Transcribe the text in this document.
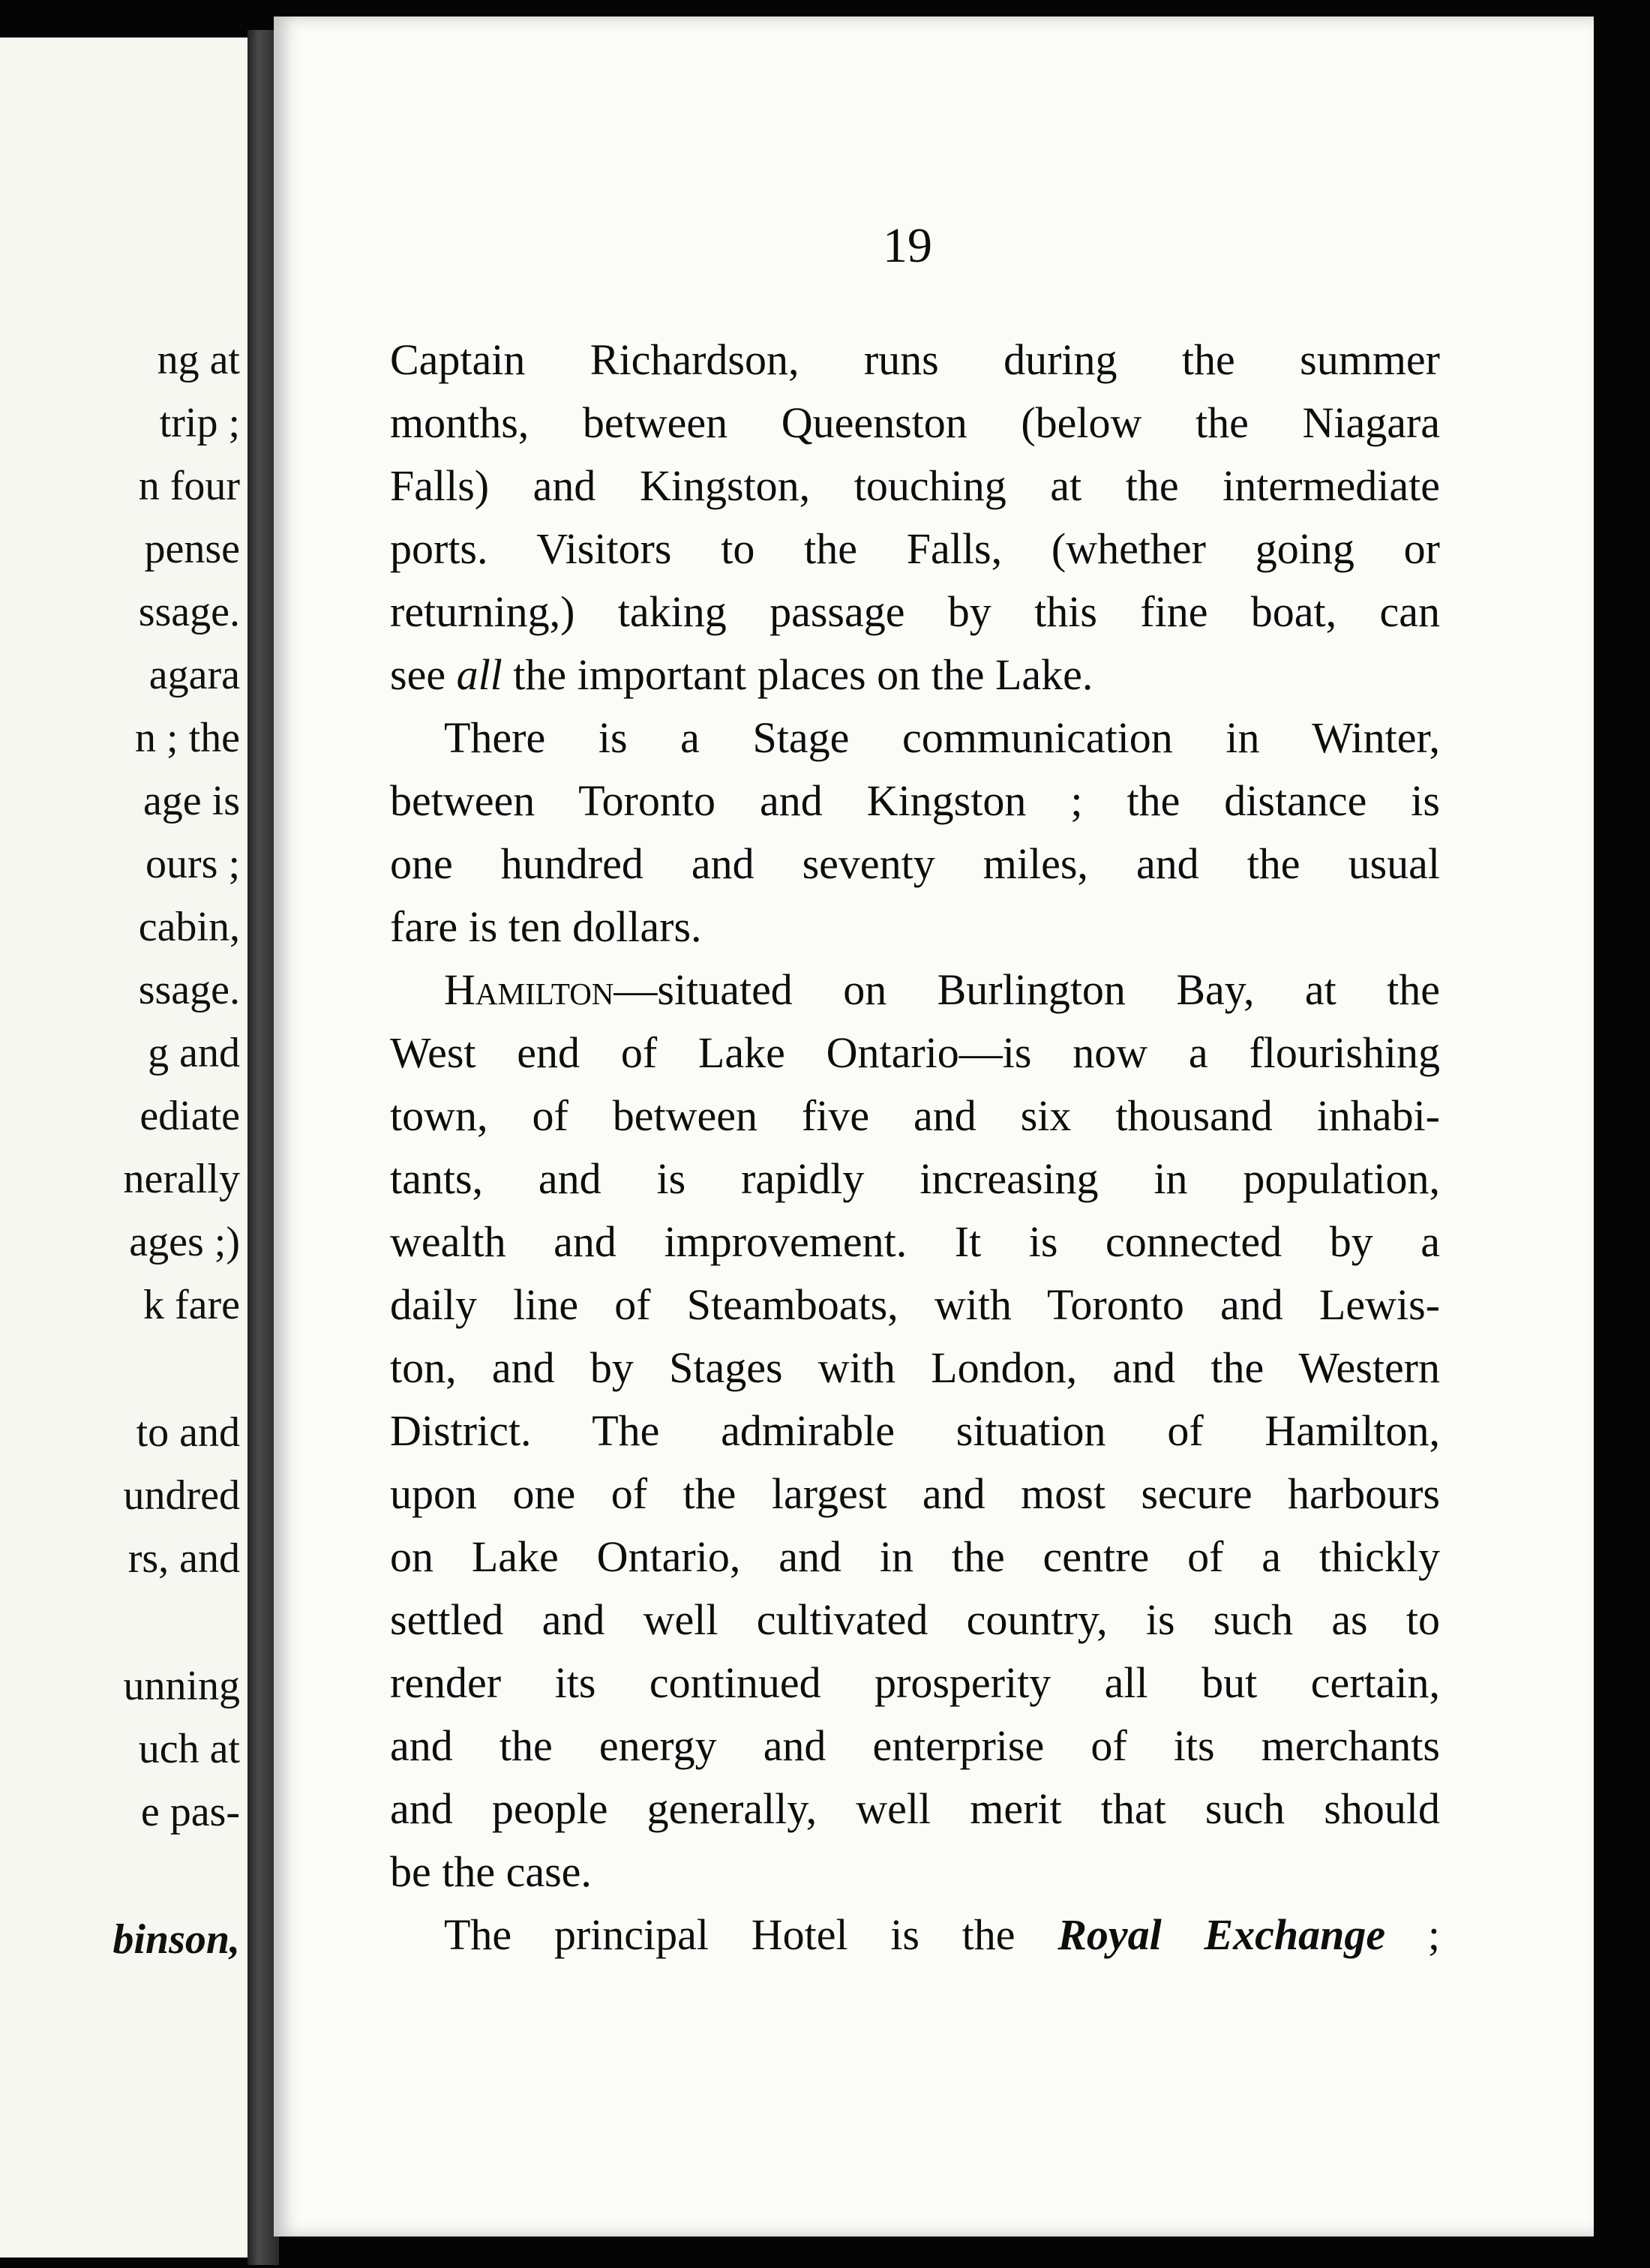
ng at
trip ;
n four
pense
ssage.
agara
n ; the
age is
ours ;
cabin,
ssage.
g and
ediate
nerally
ages ;)
k fare
to and
undred
rs, and
unning
uch at
e pas-
binson,
19

Captain Richardson, runs during the summer
months, between Queenston (below the Niagara
Falls) and Kingston, touching at the intermediate
ports. Visitors to the Falls, (whether going or
returning,) taking passage by this fine boat, can
see all the important places on the Lake.

There is a Stage communication in Winter,
between Toronto and Kingston ; the distance is
one hundred and seventy miles, and the usual
fare is ten dollars.

Hamilton—situated on Burlington Bay, at the
West end of Lake Ontario—is now a flourishing
town, of between five and six thousand inhabi-
tants, and is rapidly increasing in population,
wealth and improvement. It is connected by a
daily line of Steamboats, with Toronto and Lewis-
ton, and by Stages with London, and the Western
District. The admirable situation of Hamilton,
upon one of the largest and most secure harbours
on Lake Ontario, and in the centre of a thickly
settled and well cultivated country, is such as to
render its continued prosperity all but certain,
and the energy and enterprise of its merchants
and people generally, well merit that such should
be the case.

The principal Hotel is the Royal Exchange ;
